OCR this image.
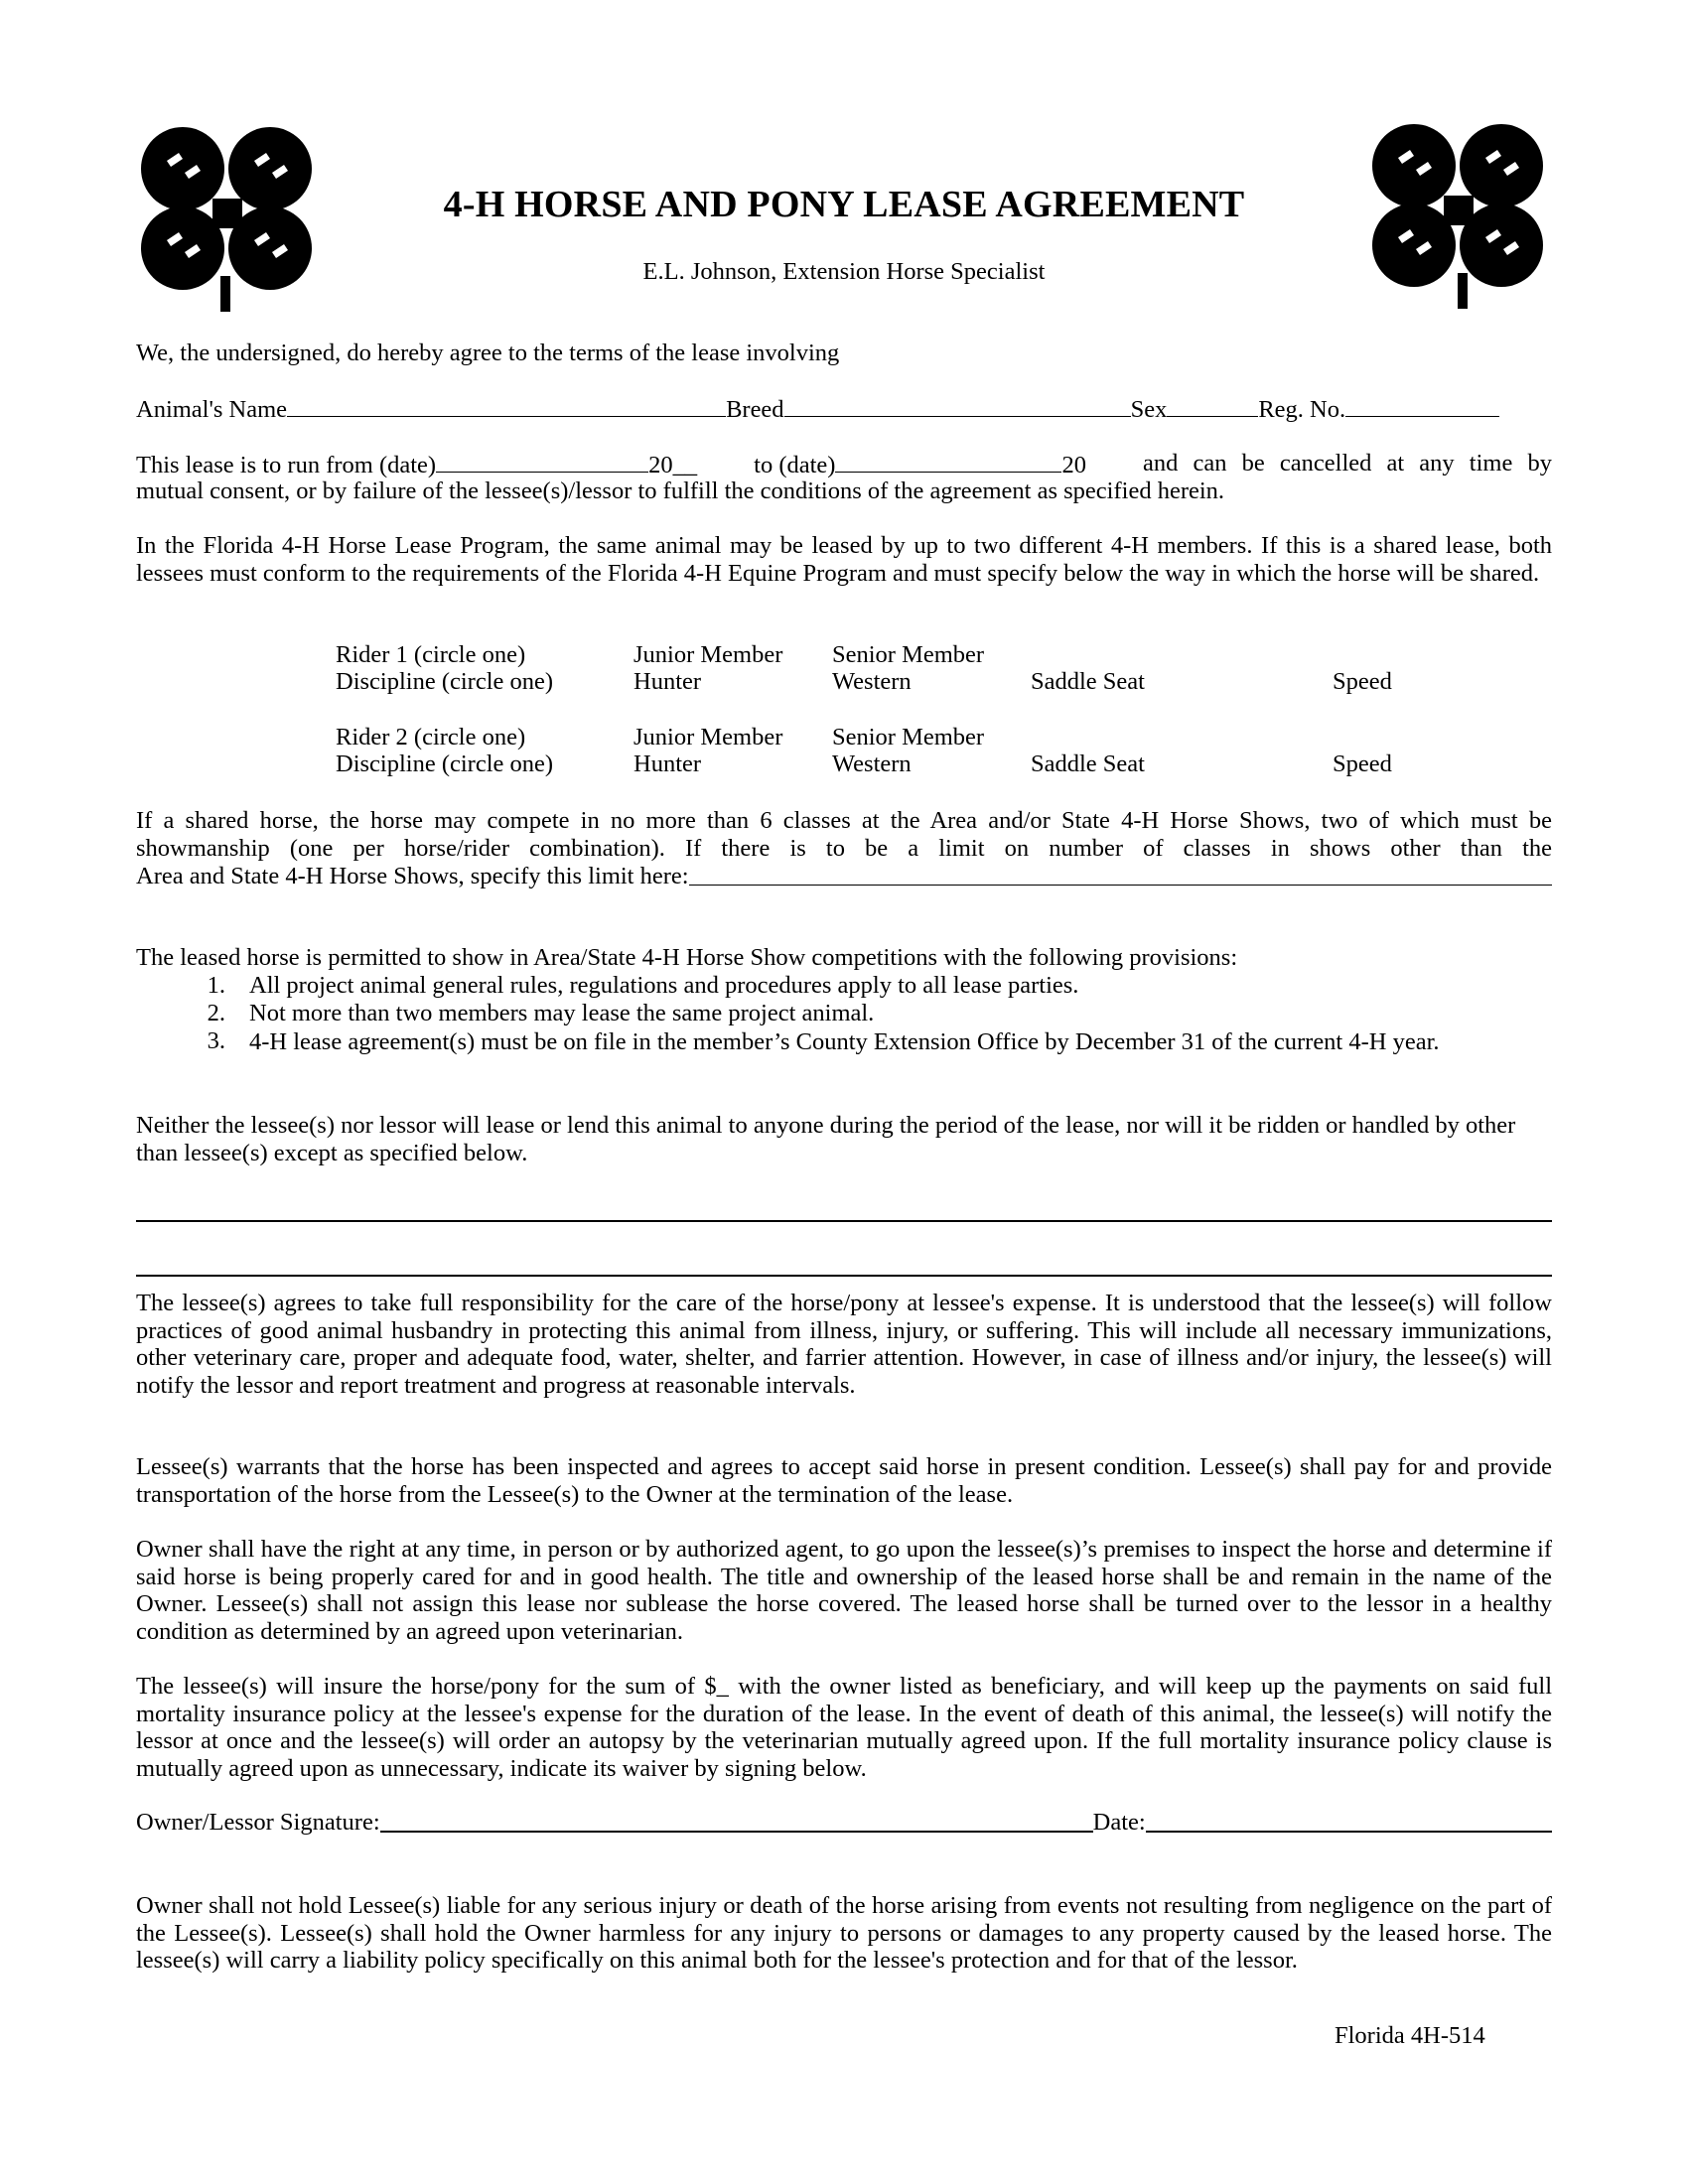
4-H HORSE AND PONY LEASE AGREEMENT
E.L. Johnson, Extension Horse Specialist

We, the undersigned, do hereby agree to the terms of the lease involving

Animal's Name	Breed	Sex	Reg. No.
This lease is to run from (date)	20__ to (date)	20 and can be cancelled at any time by

mutual consent, or by failure of the lessee(s)/lessor to fulfill the conditions of the agreement as specified herein.

In the Florida 4-H Horse Lease Program, the same animal may be leased by up to two different 4-H members. If this is a shared lease, both lessees must conform to the requirements of the Florida 4-H Equine Program and must specify below the way in which the horse will be shared.

Rider 1 (circle one)	Junior Member Senior Member
Discipline (circle one)	Hunter	Western	Saddle Seat	Speed
Rider 2 (circle one)	Junior Member Senior Member
Discipline (circle one)	Hunter	Western	Saddle Seat	Speed

If a shared horse, the horse may compete in no more than 6 classes at the Area and/or State 4-H Horse Shows, two of which must be showmanship (one per horse/rider combination). If there is to be a limit on number of classes in shows other than the

Area and State 4-H Horse Shows, specify this limit here:

The leased horse is permitted to show in Area/State 4-H Horse Show competitions with the following provisions:

1. All project animal general rules, regulations and procedures apply to all lease parties.
2. Not more than two members may lease the same project animal.
3. 4-H lease agreement(s) must be on file in the member’s County Extension Office by December 31 of the current 4-H year.

Neither the lessee(s) nor lessor will lease or lend this animal to anyone during the period of the lease, nor will it be ridden or handled by other than lessee(s) except as specified below.

The lessee(s) agrees to take full responsibility for the care of the horse/pony at lessee's expense. It is understood that the lessee(s) will follow practices of good animal husbandry in protecting this animal from illness, injury, or suffering. This will include all necessary immunizations, other veterinary care, proper and adequate food, water, shelter, and farrier attention. However, in case of illness and/or injury, the lessee(s) will notify the lessor and report treatment and progress at reasonable intervals.

Lessee(s) warrants that the horse has been inspected and agrees to accept said horse in present condition. Lessee(s) shall pay for and provide transportation of the horse from the Lessee(s) to the Owner at the termination of the lease.

Owner shall have the right at any time, in person or by authorized agent, to go upon the lessee(s)’s premises to inspect the horse and determine if said horse is being properly cared for and in good health. The title and ownership of the leased horse shall be and remain in the name of the Owner. Lessee(s) shall not assign this lease nor sublease the horse covered. The leased horse shall be turned over to the lessor in a healthy condition as determined by an agreed upon veterinarian.

The lessee(s) will insure the horse/pony for the sum of $_ with the owner listed as beneficiary, and will keep up the payments on said full mortality insurance policy at the lessee's expense for the duration of the lease. In the event of death of this animal, the lessee(s) will notify the lessor at once and the lessee(s) will order an autopsy by the veterinarian mutually agreed upon. If the full mortality insurance policy clause is mutually agreed upon as unnecessary, indicate its waiver by signing below.

Owner/Lessor Signature:	Date:

Owner shall not hold Lessee(s) liable for any serious injury or death of the horse arising from events not resulting from negligence on the part of the Lessee(s). Lessee(s) shall hold the Owner harmless for any injury to persons or damages to any property caused by the leased horse. The lessee(s) will carry a liability policy specifically on this animal both for the lessee's protection and for that of the lessor.

Florida 4H-514
